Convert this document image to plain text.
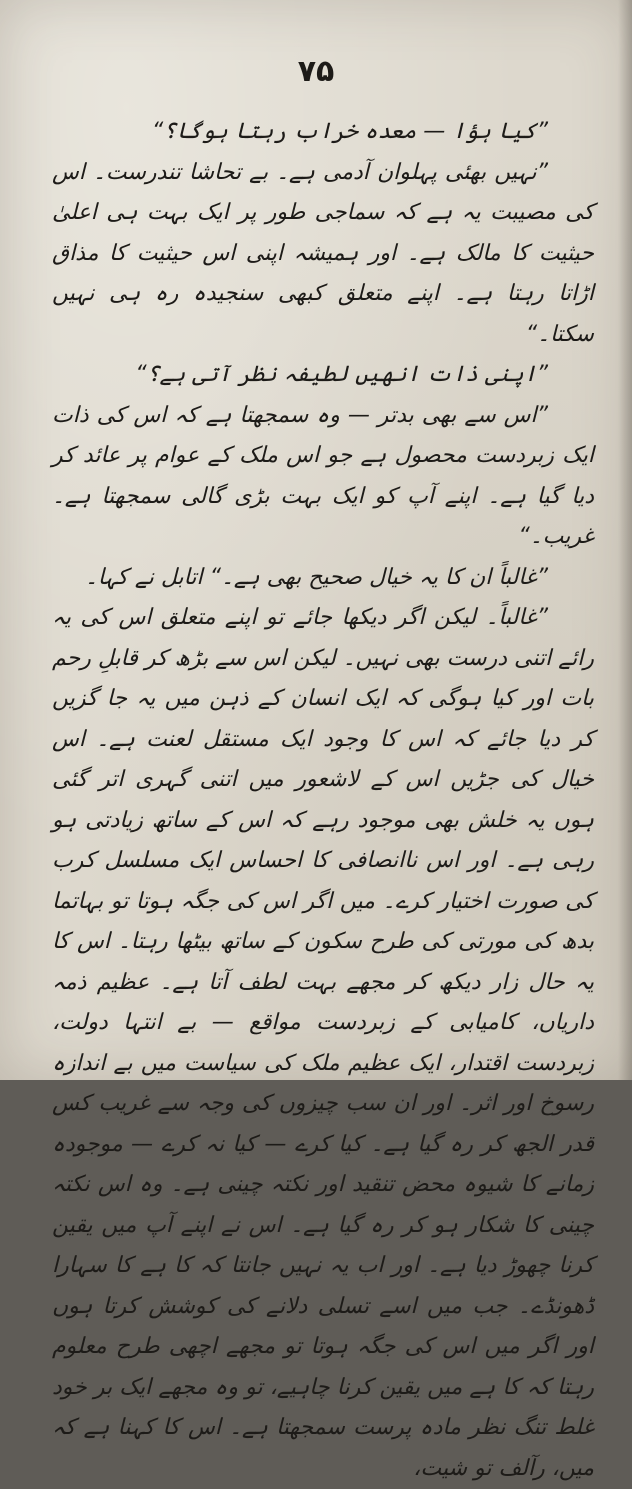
۷۵

”کیا ہؤا — معدہ خراب رہتا ہوگا؟“

”نہیں بھئی پہلوان آدمی ہے۔ بے تحاشا تندرست۔ اس کی مصیبت یہ ہے کہ سماجی طور پر ایک بہت ہی اعلیٰ حیثیت کا مالک ہے۔ اور ہمیشہ اپنی اس حیثیت کا مذاق اڑاتا رہتا ہے۔ اپنے متعلق کبھی سنجیدہ رہ ہی نہیں سکتا۔“

”اپنی ذات انھیں لطیفہ نظر آتی ہے؟“

”اس سے بھی بدتر — وہ سمجھتا ہے کہ اس کی ذات ایک زبردست محصول ہے جو اس ملک کے عوام پر عائد کر دیا گیا ہے۔ اپنے آپ کو ایک بہت بڑی گالی سمجھتا ہے۔ غریب۔“

”غالباً ان کا یہ خیال صحیح بھی ہے۔“ اتابل نے کہا۔

”غالباً۔ لیکن اگر دیکھا جائے تو اپنے متعلق اس کی یہ رائے اتنی درست بھی نہیں۔ لیکن اس سے بڑھ کر قابلِ رحم بات اور کیا ہوگی کہ ایک انسان کے ذہن میں یہ جا گزیں کر دیا جائے کہ اس کا وجود ایک مستقل لعنت ہے۔ اس خیال کی جڑیں اس کے لاشعور میں اتنی گہری اتر گئی ہوں یہ خلش بھی موجود رہے کہ اس کے ساتھ زیادتی ہو رہی ہے۔ اور اس ناانصافی کا احساس ایک مسلسل کرب کی صورت اختیار کرے۔ میں اگر اس کی جگہ ہوتا تو بہاتما بدھ کی مورتی کی طرح سکون کے ساتھ بیٹھا رہتا۔ اس کا یہ حال زار دیکھ کر مجھے بہت لطف آتا ہے۔ عظیم ذمہ داریاں، کامیابی کے زبردست مواقع — بے انتہا دولت، زبردست اقتدار، ایک عظیم ملک کی سیاست میں بے اندازہ رسوخ اور اثر۔ اور ان سب چیزوں کی وجہ سے غریب کس قدر الجھ کر رہ گیا ہے۔ کیا کرے — کیا نہ کرے — موجودہ زمانے کا شیوہ محض تنقید اور نکتہ چینی ہے۔ وہ اس نکتہ چینی کا شکار ہو کر رہ گیا ہے۔ اس نے اپنے آپ میں یقین کرنا چھوڑ دیا ہے۔ اور اب یہ نہیں جانتا کہ کا ہے کا سہارا ڈھونڈے۔ جب میں اسے تسلی دلانے کی کوشش کرتا ہوں اور اگر میں اس کی جگہ ہوتا تو مجھے اچھی طرح معلوم رہتا کہ کا ہے میں یقین کرنا چاہیے، تو وہ مجھے ایک بر خود غلط تنگ نظر مادہ پرست سمجھتا ہے۔ اس کا کہنا ہے کہ میں، رآلف تو شیت،
